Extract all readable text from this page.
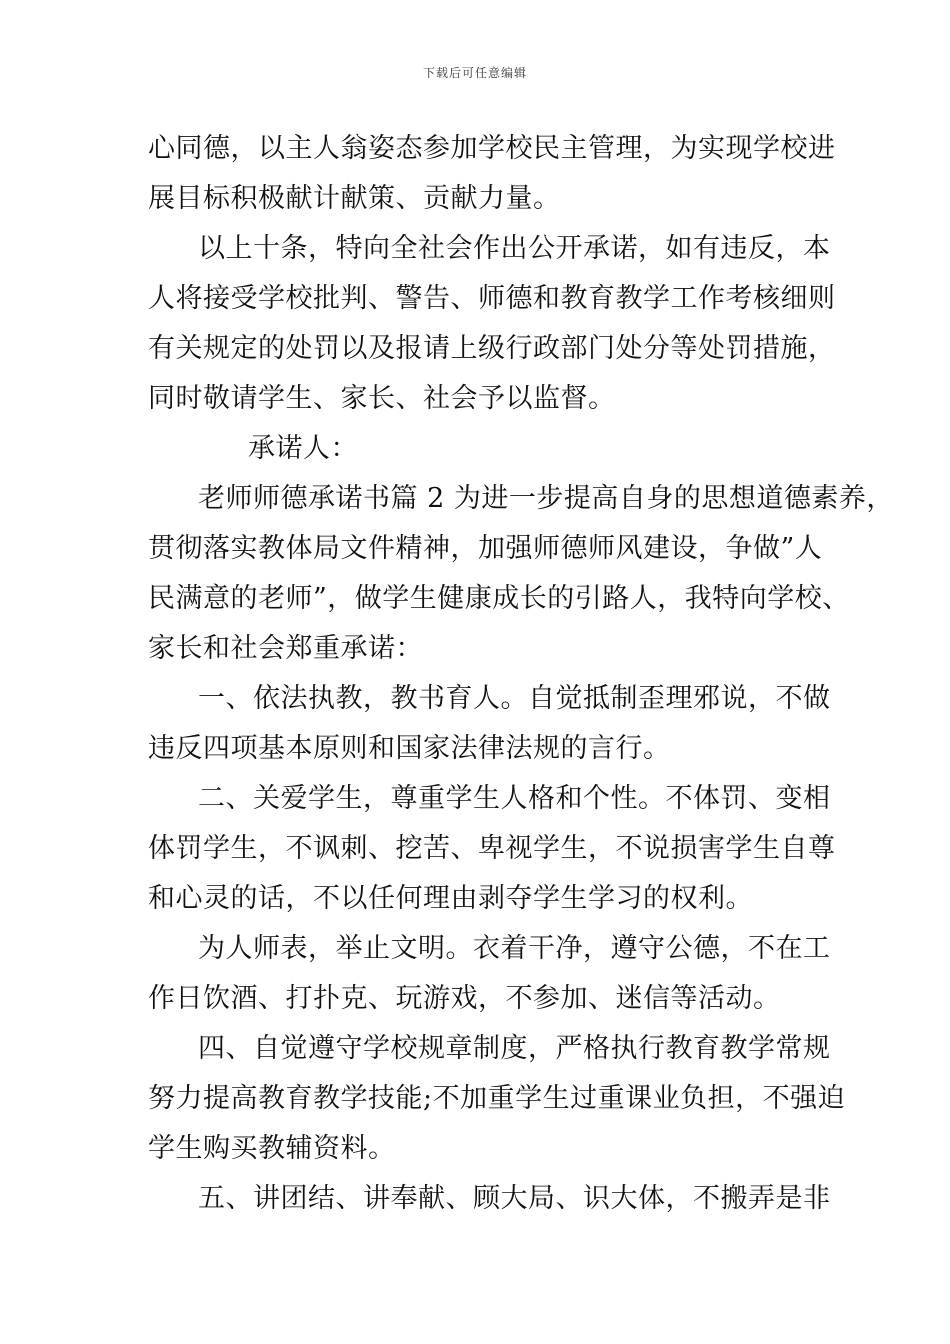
下载后可任意编辑
心同德，以主人翁姿态参加学校民主管理，为实现学校进
展目标积极献计献策、贡献力量。
以上十条，特向全社会作出公开承诺，如有违反，本
人将接受学校批判、警告、师德和教育教学工作考核细则
有关规定的处罚以及报请上级行政部门处分等处罚措施，
同时敬请学生、家长、社会予以监督。
承诺人：
老师师德承诺书篇 2 为进一步提高自身的思想道德素养，
贯彻落实教体局文件精神，加强师德师风建设，争做”人
民满意的老师”，做学生健康成长的引路人，我特向学校、
家长和社会郑重承诺：
一、依法执教，教书育人。自觉抵制歪理邪说，不做
违反四项基本原则和国家法律法规的言行。
二、关爱学生，尊重学生人格和个性。不体罚、变相
体罚学生，不讽刺、挖苦、卑视学生，不说损害学生自尊
和心灵的话，不以任何理由剥夺学生学习的权利。
为人师表，举止文明。衣着干净，遵守公德，不在工
作日饮酒、打扑克、玩游戏，不参加、迷信等活动。
四、自觉遵守学校规章制度，严格执行教育教学常规
努力提高教育教学技能;不加重学生过重课业负担，不强迫
学生购买教辅资料。
五、讲团结、讲奉献、顾大局、识大体，不搬弄是非
